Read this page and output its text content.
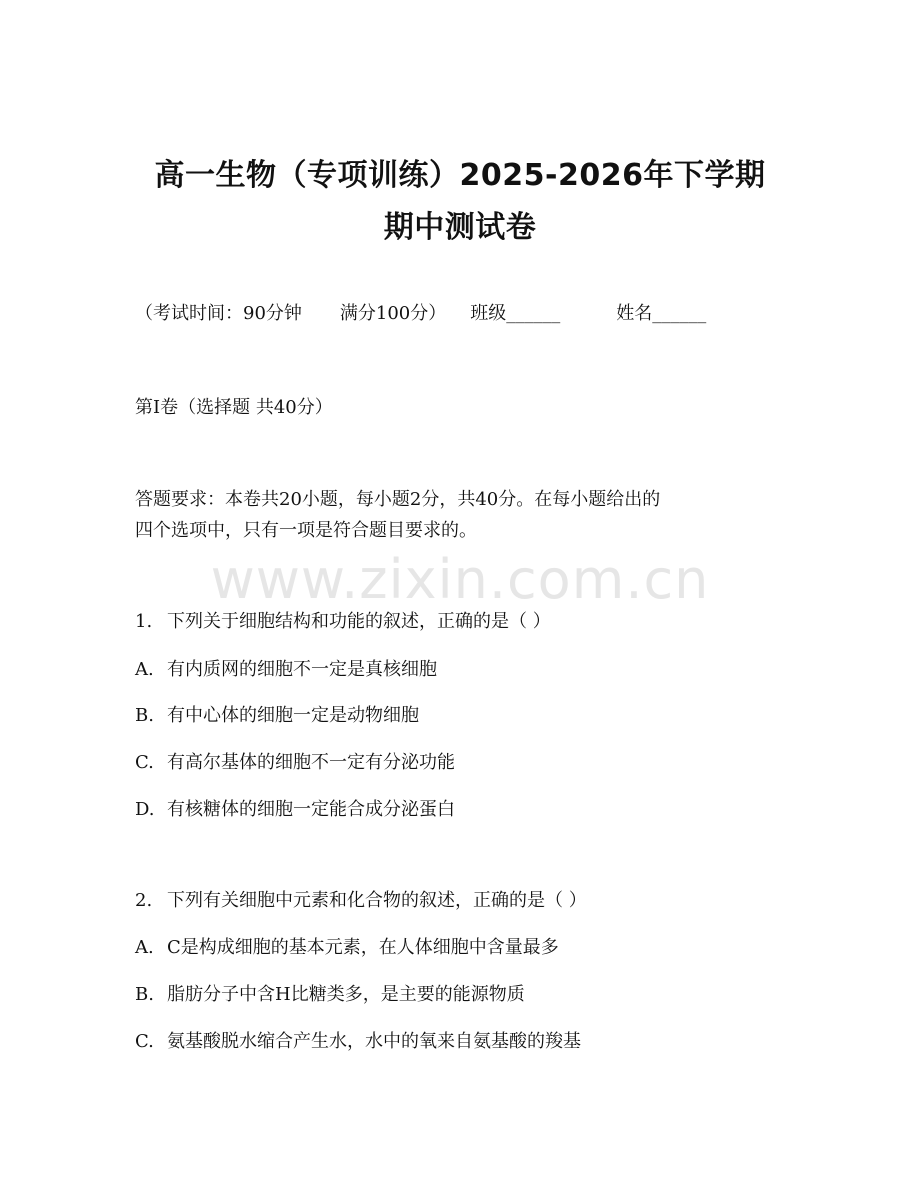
高一生物（专项训练）2025-2026年下学期
期中测试卷
（考试时间：90分钟 满分100分） 班级______	姓名______
第I卷（选择题 共40分）
答题要求：本卷共20小题，每小题2分，共40分。在每小题给出的
四个选项中，只有一项是符合题目要求的。
www.zixin.com.cn
1. 下列关于细胞结构和功能的叙述，正确的是（ ）
A. 有内质网的细胞不一定是真核细胞
B. 有中心体的细胞一定是动物细胞
C. 有高尔基体的细胞不一定有分泌功能
D. 有核糖体的细胞一定能合成分泌蛋白
2. 下列有关细胞中元素和化合物的叙述，正确的是（ ）
A. C是构成细胞的基本元素，在人体细胞中含量最多
B. 脂肪分子中含H比糖类多，是主要的能源物质
C. 氨基酸脱水缩合产生水，水中的氧来自氨基酸的羧基
